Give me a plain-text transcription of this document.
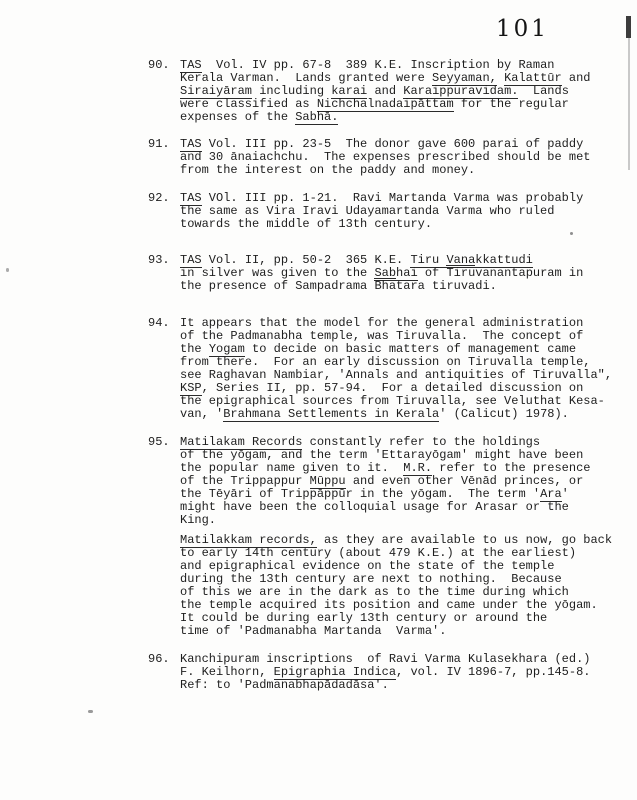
101
90. TAS  Vol. IV pp. 67-8  389 K.E. Inscription by Raman
Kerala Varman.  Lands granted were Seyyaman, Kalattūr and
Siraiyāram including karai and Karaippuravidam.  Lands
were classified as Nichchalnadaipāttam for the regular
expenses of the Sabhā.
91. TAS Vol. III pp. 23-5  The donor gave 600 parai of paddy
and 30 ānaiachchu.  The expenses prescribed should be met
from the interest on the paddy and money.
92. TAS VOl. III pp. 1-21.  Ravi Martanda Varma was probably
the same as Vira Iravi Udayamartanda Varma who ruled
towards the middle of 13th century.
93. TAS Vol. II, pp. 50-2  365 K.E. Tiru Vanakkattudi
in silver was given to the Sabhai of Tiruvanantapuram in
the presence of Sampadrama Bhatara tiruvadi.
94. It appears that the model for the general administration
of the Padmanabha temple, was Tiruvalla.  The concept of
the Yogam to decide on basic matters of management came
from there.  For an early discussion on Tiruvalla temple,
see Raghavan Nambiar, 'Annals and antiquities of Tiruvalla",
KSP, Series II, pp. 57-94.  For a detailed discussion on
the epigraphical sources from Tiruvalla, see Veluthat Kesa-
van, 'Brahmana Settlements in Kerala' (Calicut) 1978).
95. Matilakam Records constantly refer to the holdings
of the yōgam, and the term 'Ettarayōgam' might have been
the popular name given to it.  M.R. refer to the presence
of the Trippappur Mūppu and even other Vēnād princes, or
the Tēyāri of Trippāppūr in the yōgam.  The term 'Ara'
might have been the colloquial usage for Arasar or the
King.
Matilakkam records, as they are available to us now, go back
to early 14th century (about 479 K.E.) at the earliest)
and epigraphical evidence on the state of the temple
during the 13th century are next to nothing.  Because
of this we are in the dark as to the time during which
the temple acquired its position and came under the yōgam.
It could be during early 13th century or around the
time of 'Padmanabha Martanda  Varma'.
96. Kanchipuram inscriptions  of Ravi Varma Kulasekhara (ed.)
F. Keilhorn, Epigraphia Indica, vol. IV 1896-7, pp.145-8.
Ref: to 'Padmanabhapādadāsa'.
